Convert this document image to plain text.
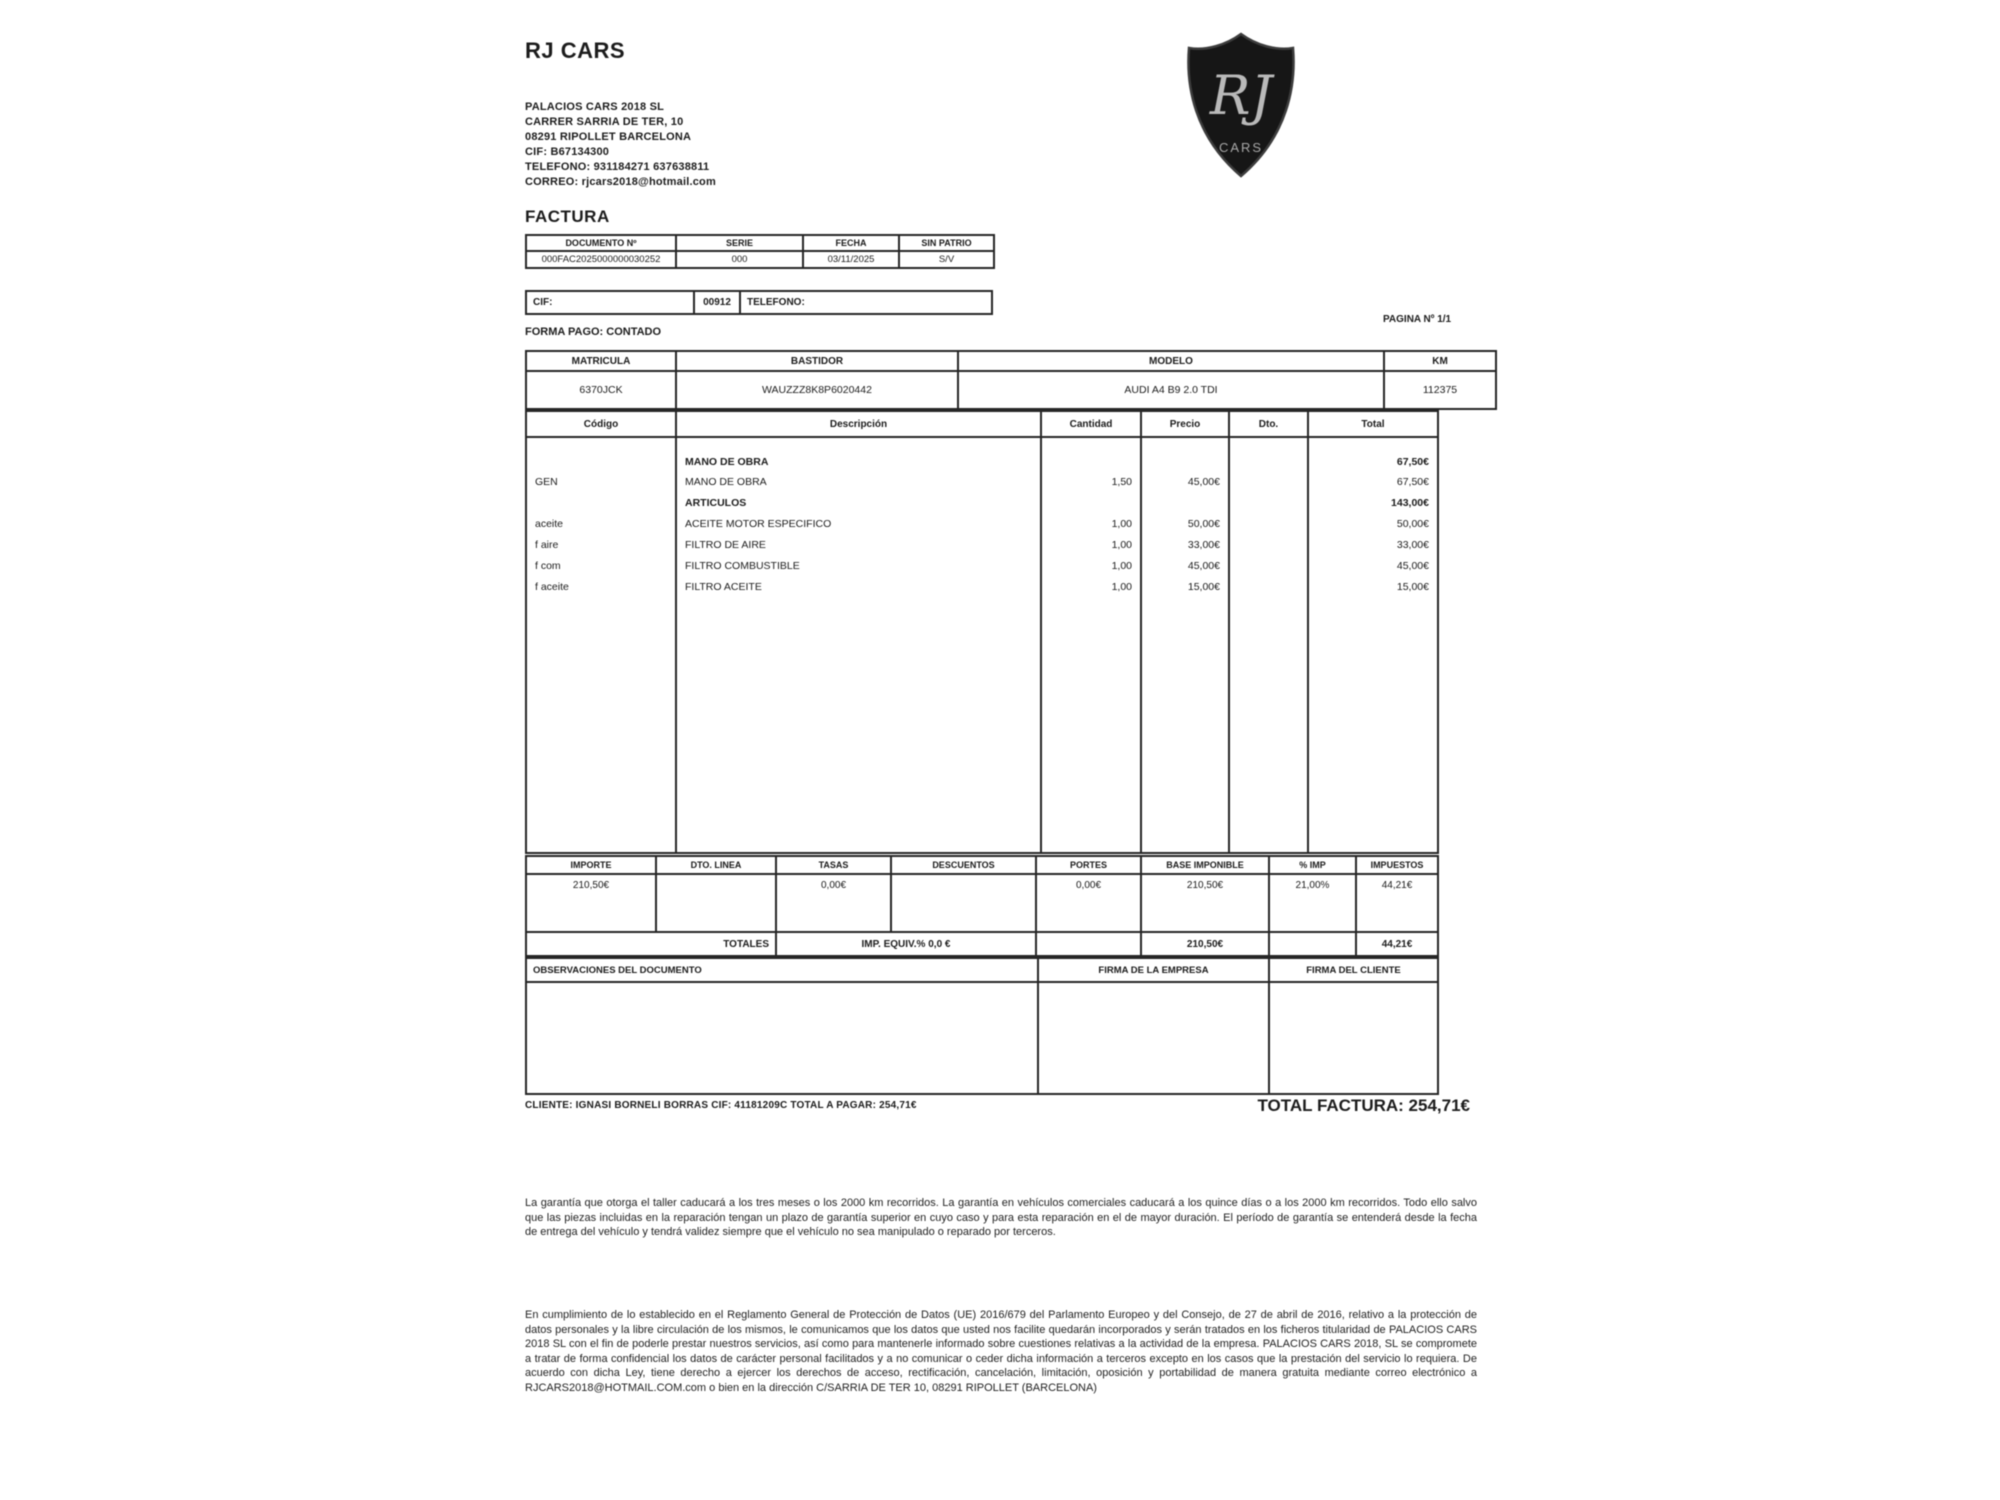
RJ CARS
PALACIOS CARS 2018 SL
CARRER SARRIA DE TER, 10
08291 RIPOLLET BARCELONA
CIF: B67134300
TELEFONO: 931184271 637638811
CORREO: rjcars2018@hotmail.com
RJ
CARS
FACTURA
DOCUMENTO Nº	SERIE	FECHA	SIN PATRIO
000FAC2025000000030252	000	03/11/2025	S/V
CIF:	00912	TELEFONO:
FORMA PAGO: CONTADO
PAGINA Nº 1/1
MATRICULA	BASTIDOR	MODELO	KM
6370JCK	WAUZZZ8K8P6020442	AUDI A4 B9 2.0 TDI	112375
Código	Descripción	Cantidad	Precio	Dto.	Total
	MANO DE OBRA				67,50€
GEN	MANO DE OBRA	1,50	45,00€		67,50€
	ARTICULOS				143,00€
aceite	ACEITE MOTOR ESPECIFICO	1,00	50,00€		50,00€
f aire	FILTRO DE AIRE	1,00	33,00€		33,00€
f com	FILTRO COMBUSTIBLE	1,00	45,00€		45,00€
f aceite	FILTRO ACEITE	1,00	15,00€		15,00€

IMPORTE	DTO. LINEA	TASAS	DESCUENTOS	PORTES	BASE IMPONIBLE	% IMP	IMPUESTOS
210,50€		0,00€		0,00€	210,50€	21,00%	44,21€

TOTALES		IMP. EQUIV.% 0,0 €			210,50€		44,21€
OBSERVACIONES DEL DOCUMENTO	FIRMA DE LA EMPRESA	FIRMA DEL CLIENTE

CLIENTE: IGNASI BORNELI BORRAS CIF: 41181209C TOTAL A PAGAR: 254,71€	TOTAL FACTURA: 254,71€

La garantía que otorga el taller caducará a los tres meses o los 2000 km recorridos. La garantía en vehículos comerciales caducará a los quince días o a los 2000 km recorridos. Todo ello salvo que las piezas incluidas en la reparación tengan un plazo de garantía superior en cuyo caso y para esta reparación en el de mayor duración. El período de garantía se entenderá desde la fecha de entrega del vehículo y tendrá validez siempre que el vehículo no sea manipulado o reparado por terceros.

En cumplimiento de lo establecido en el Reglamento General de Protección de Datos (UE) 2016/679 del Parlamento Europeo y del Consejo, de 27 de abril de 2016, relativo a la protección de datos personales y la libre circulación de los mismos, le comunicamos que los datos que usted nos facilite quedarán incorporados y serán tratados en los ficheros titularidad de PALACIOS CARS 2018 SL con el fin de poderle prestar nuestros servicios, así como para mantenerle informado sobre cuestiones relativas a la actividad de la empresa. PALACIOS CARS 2018, SL se compromete a tratar de forma confidencial los datos de carácter personal facilitados y a no comunicar o ceder dicha información a terceros excepto en los casos que la prestación del servicio lo requiera. De acuerdo con dicha Ley, tiene derecho a ejercer los derechos de acceso, rectificación, cancelación, limitación, oposición y portabilidad de manera gratuita mediante correo electrónico a RJCARS2018@HOTMAIL.COM.com o bien en la dirección C/SARRIA DE TER 10, 08291 RIPOLLET (BARCELONA)
